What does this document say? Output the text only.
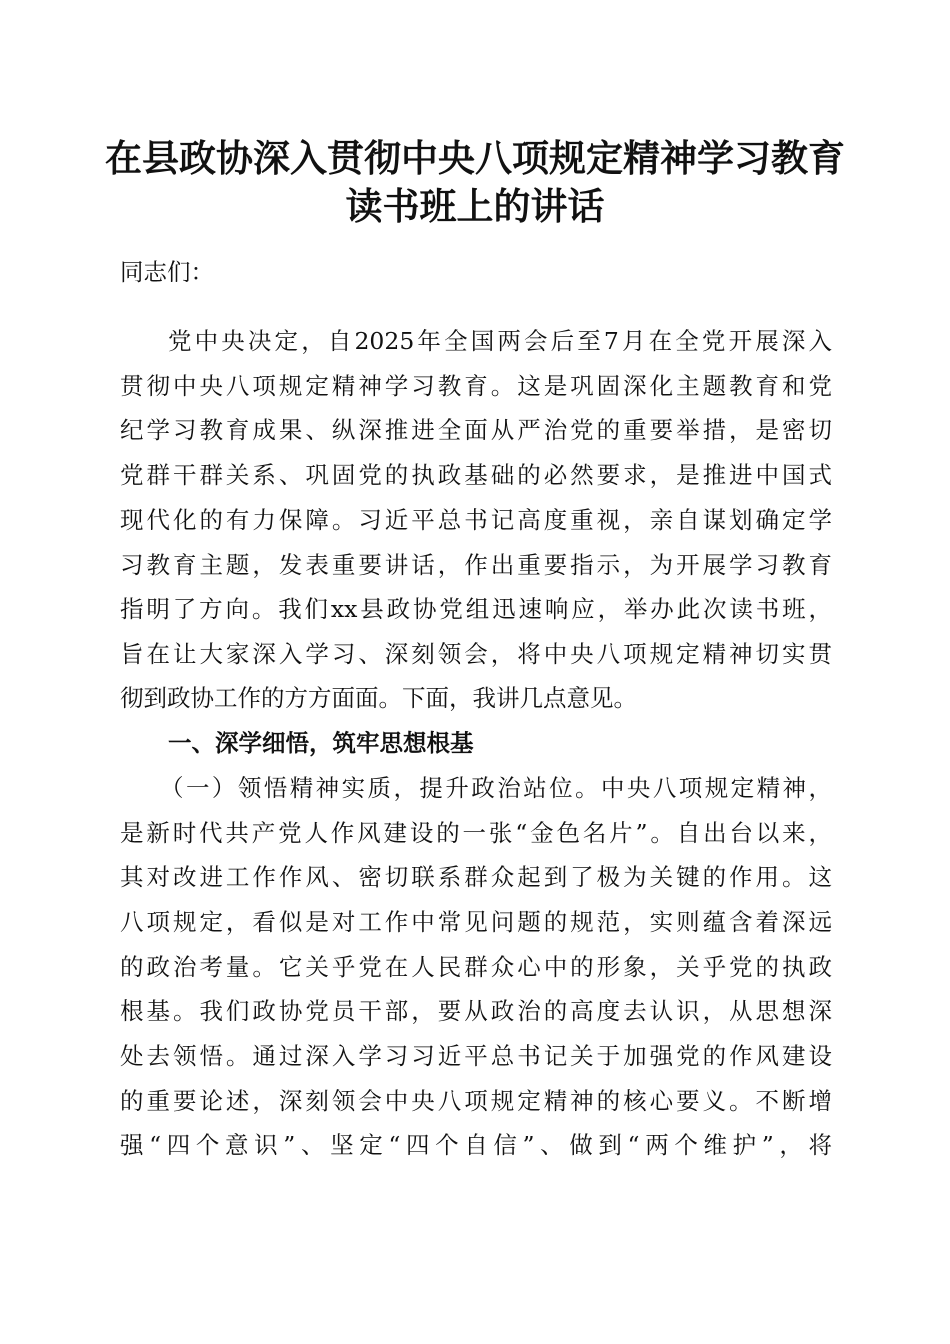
在县政协深入贯彻中央八项规定精神学习教育
读书班上的讲话
同志们：
党中央决定，自2025年全国两会后至7月在全党开展深入
贯彻中央八项规定精神学习教育。这是巩固深化主题教育和党
纪学习教育成果、纵深推进全面从严治党的重要举措，是密切
党群干群关系、巩固党的执政基础的必然要求，是推进中国式
现代化的有力保障。习近平总书记高度重视，亲自谋划确定学
习教育主题，发表重要讲话，作出重要指示，为开展学习教育
指明了方向。我们xx县政协党组迅速响应，举办此次读书班，
旨在让大家深入学习、深刻领会，将中央八项规定精神切实贯
彻到政协工作的方方面面。下面，我讲几点意见。
一、深学细悟，筑牢思想根基
（一）领悟精神实质，提升政治站位。中央八项规定精神，
是新时代共产党人作风建设的一张“金色名片”。自出台以来，
其对改进工作作风、密切联系群众起到了极为关键的作用。这
八项规定，看似是对工作中常见问题的规范，实则蕴含着深远
的政治考量。它关乎党在人民群众心中的形象，关乎党的执政
根基。我们政协党员干部，要从政治的高度去认识，从思想深
处去领悟。通过深入学习习近平总书记关于加强党的作风建设
的重要论述，深刻领会中央八项规定精神的核心要义。不断增
强“四个意识”、坚定“四个自信”、做到“两个维护”，将
